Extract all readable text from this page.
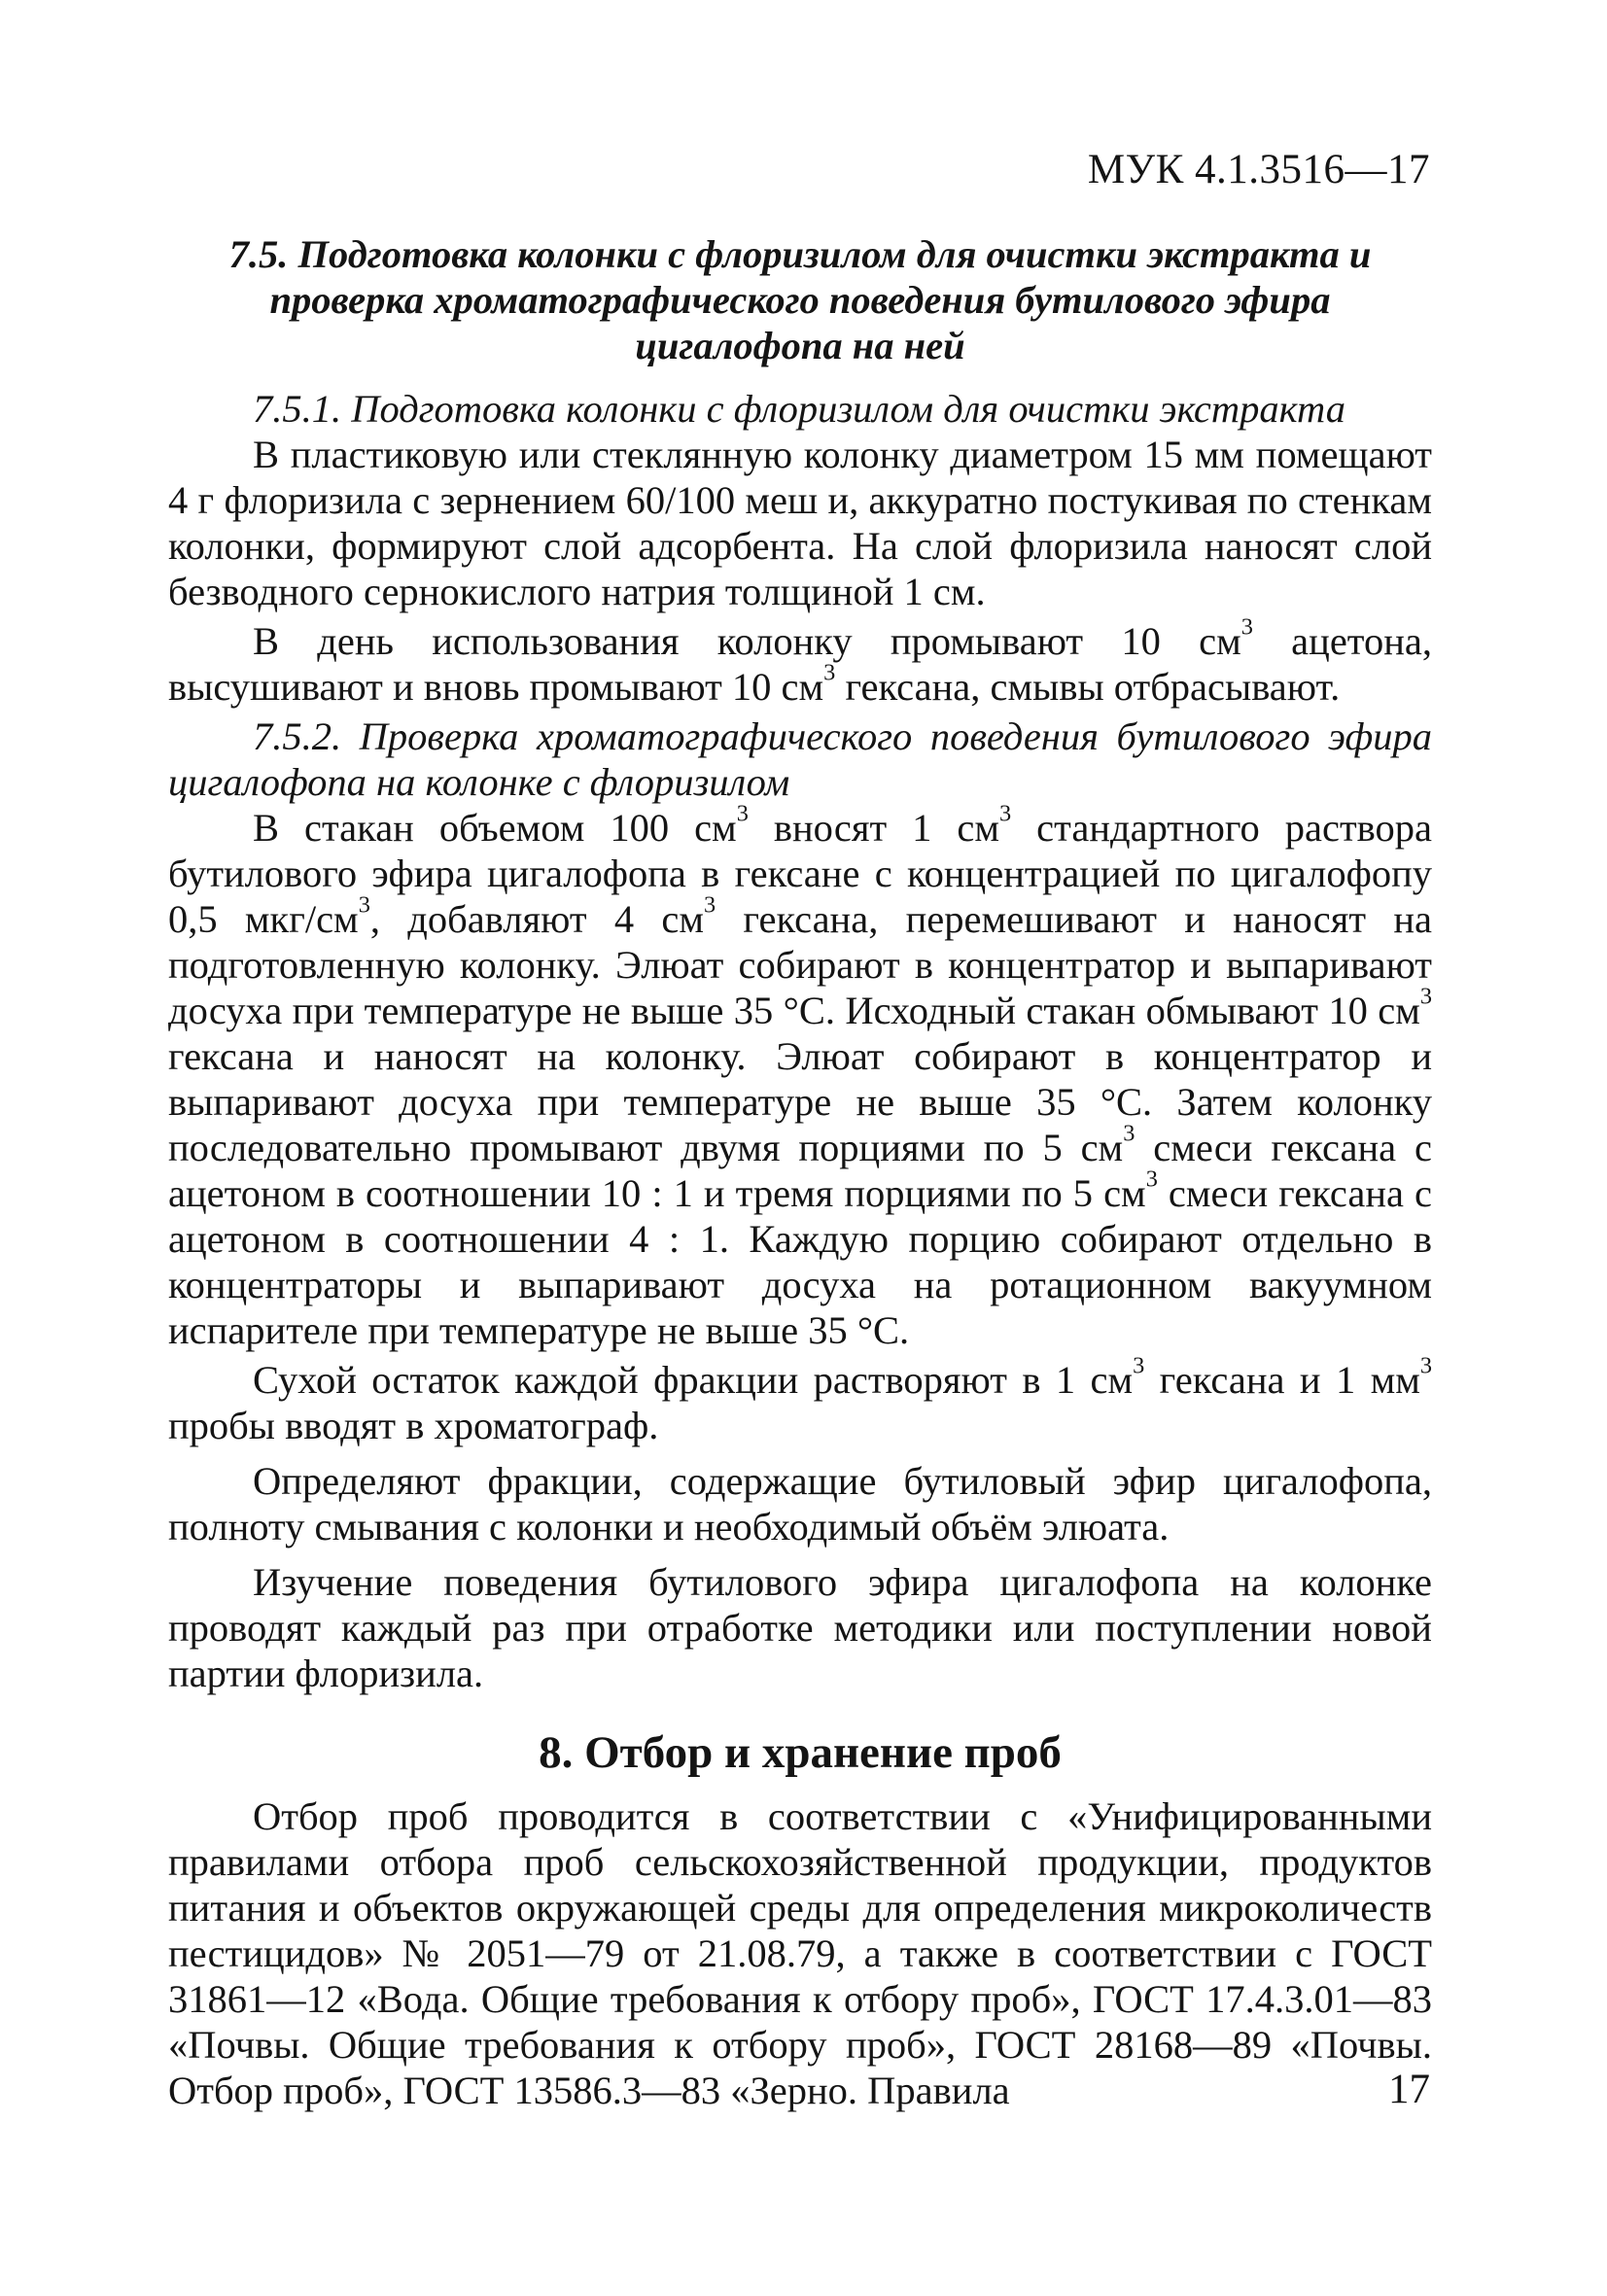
МУК 4.1.3516—17
7.5. Подготовка колонки с флоризилом для очистки экстракта и проверка хроматографического поведения бутилового эфира цигалофопа на ней

7.5.1. Подготовка колонки с флоризилом для очистки экстракта

В пластиковую или стеклянную колонку диаметром 15 мм помещают 4 г флоризила с зернением 60/100 меш и, аккуратно постукивая по стенкам колонки, формируют слой адсорбента. На слой флоризила наносят слой безводного сернокислого натрия толщиной 1 см.

В день использования колонку промывают 10 $см^3$ ацетона, высушивают и вновь промывают 10 $см^3$ гексана, смывы отбрасывают.

7.5.2. Проверка хроматографического поведения бутилового эфира цигалофопа на колонке с флоризилом

В стакан объемом 100 $см^3$ вносят 1 $см^3$ стандартного раствора бутилового эфира цигалофопа в гексане с концентрацией по цигалофопу 0,5 мкг/$см^3$, добавляют 4 $см^3$ гексана, перемешивают и наносят на подготовленную колонку. Элюат собирают в концентратор и выпаривают досуха при температуре не выше 35 °С. Исходный стакан обмывают 10 $см^3$ гексана и наносят на колонку. Элюат собирают в концентратор и выпаривают досуха при температуре не выше 35 °С. Затем колонку последовательно промывают двумя порциями по 5 $см^3$ смеси гексана с ацетоном в соотношении 10 : 1 и тремя порциями по 5 $см^3$ смеси гексана с ацетоном в соотношении 4 : 1. Каждую порцию собирают отдельно в концентраторы и выпаривают досуха на ротационном вакуумном испарителе при температуре не выше 35 °С.

Сухой остаток каждой фракции растворяют в 1 $см^3$ гексана и 1 $мм^3$ пробы вводят в хроматограф.

Определяют фракции, содержащие бутиловый эфир цигалофопа, полноту смывания с колонки и необходимый объём элюата.

Изучение поведения бутилового эфира цигалофопа на колонке проводят каждый раз при отработке методики или поступлении новой партии флоризила.

8. Отбор и хранение проб

Отбор проб проводится в соответствии с «Унифицированными правилами отбора проб сельскохозяйственной продукции, продуктов питания и объектов окружающей среды для определения микроколичеств пестицидов» № 2051—79 от 21.08.79, а также в соответствии с ГОСТ 31861—12 «Вода. Общие требования к отбору проб», ГОСТ 17.4.3.01—83 «Почвы. Общие требования к отбору проб», ГОСТ 28168—89 «Почвы. Отбор проб», ГОСТ 13586.3—83 «Зерно. Правила	17
